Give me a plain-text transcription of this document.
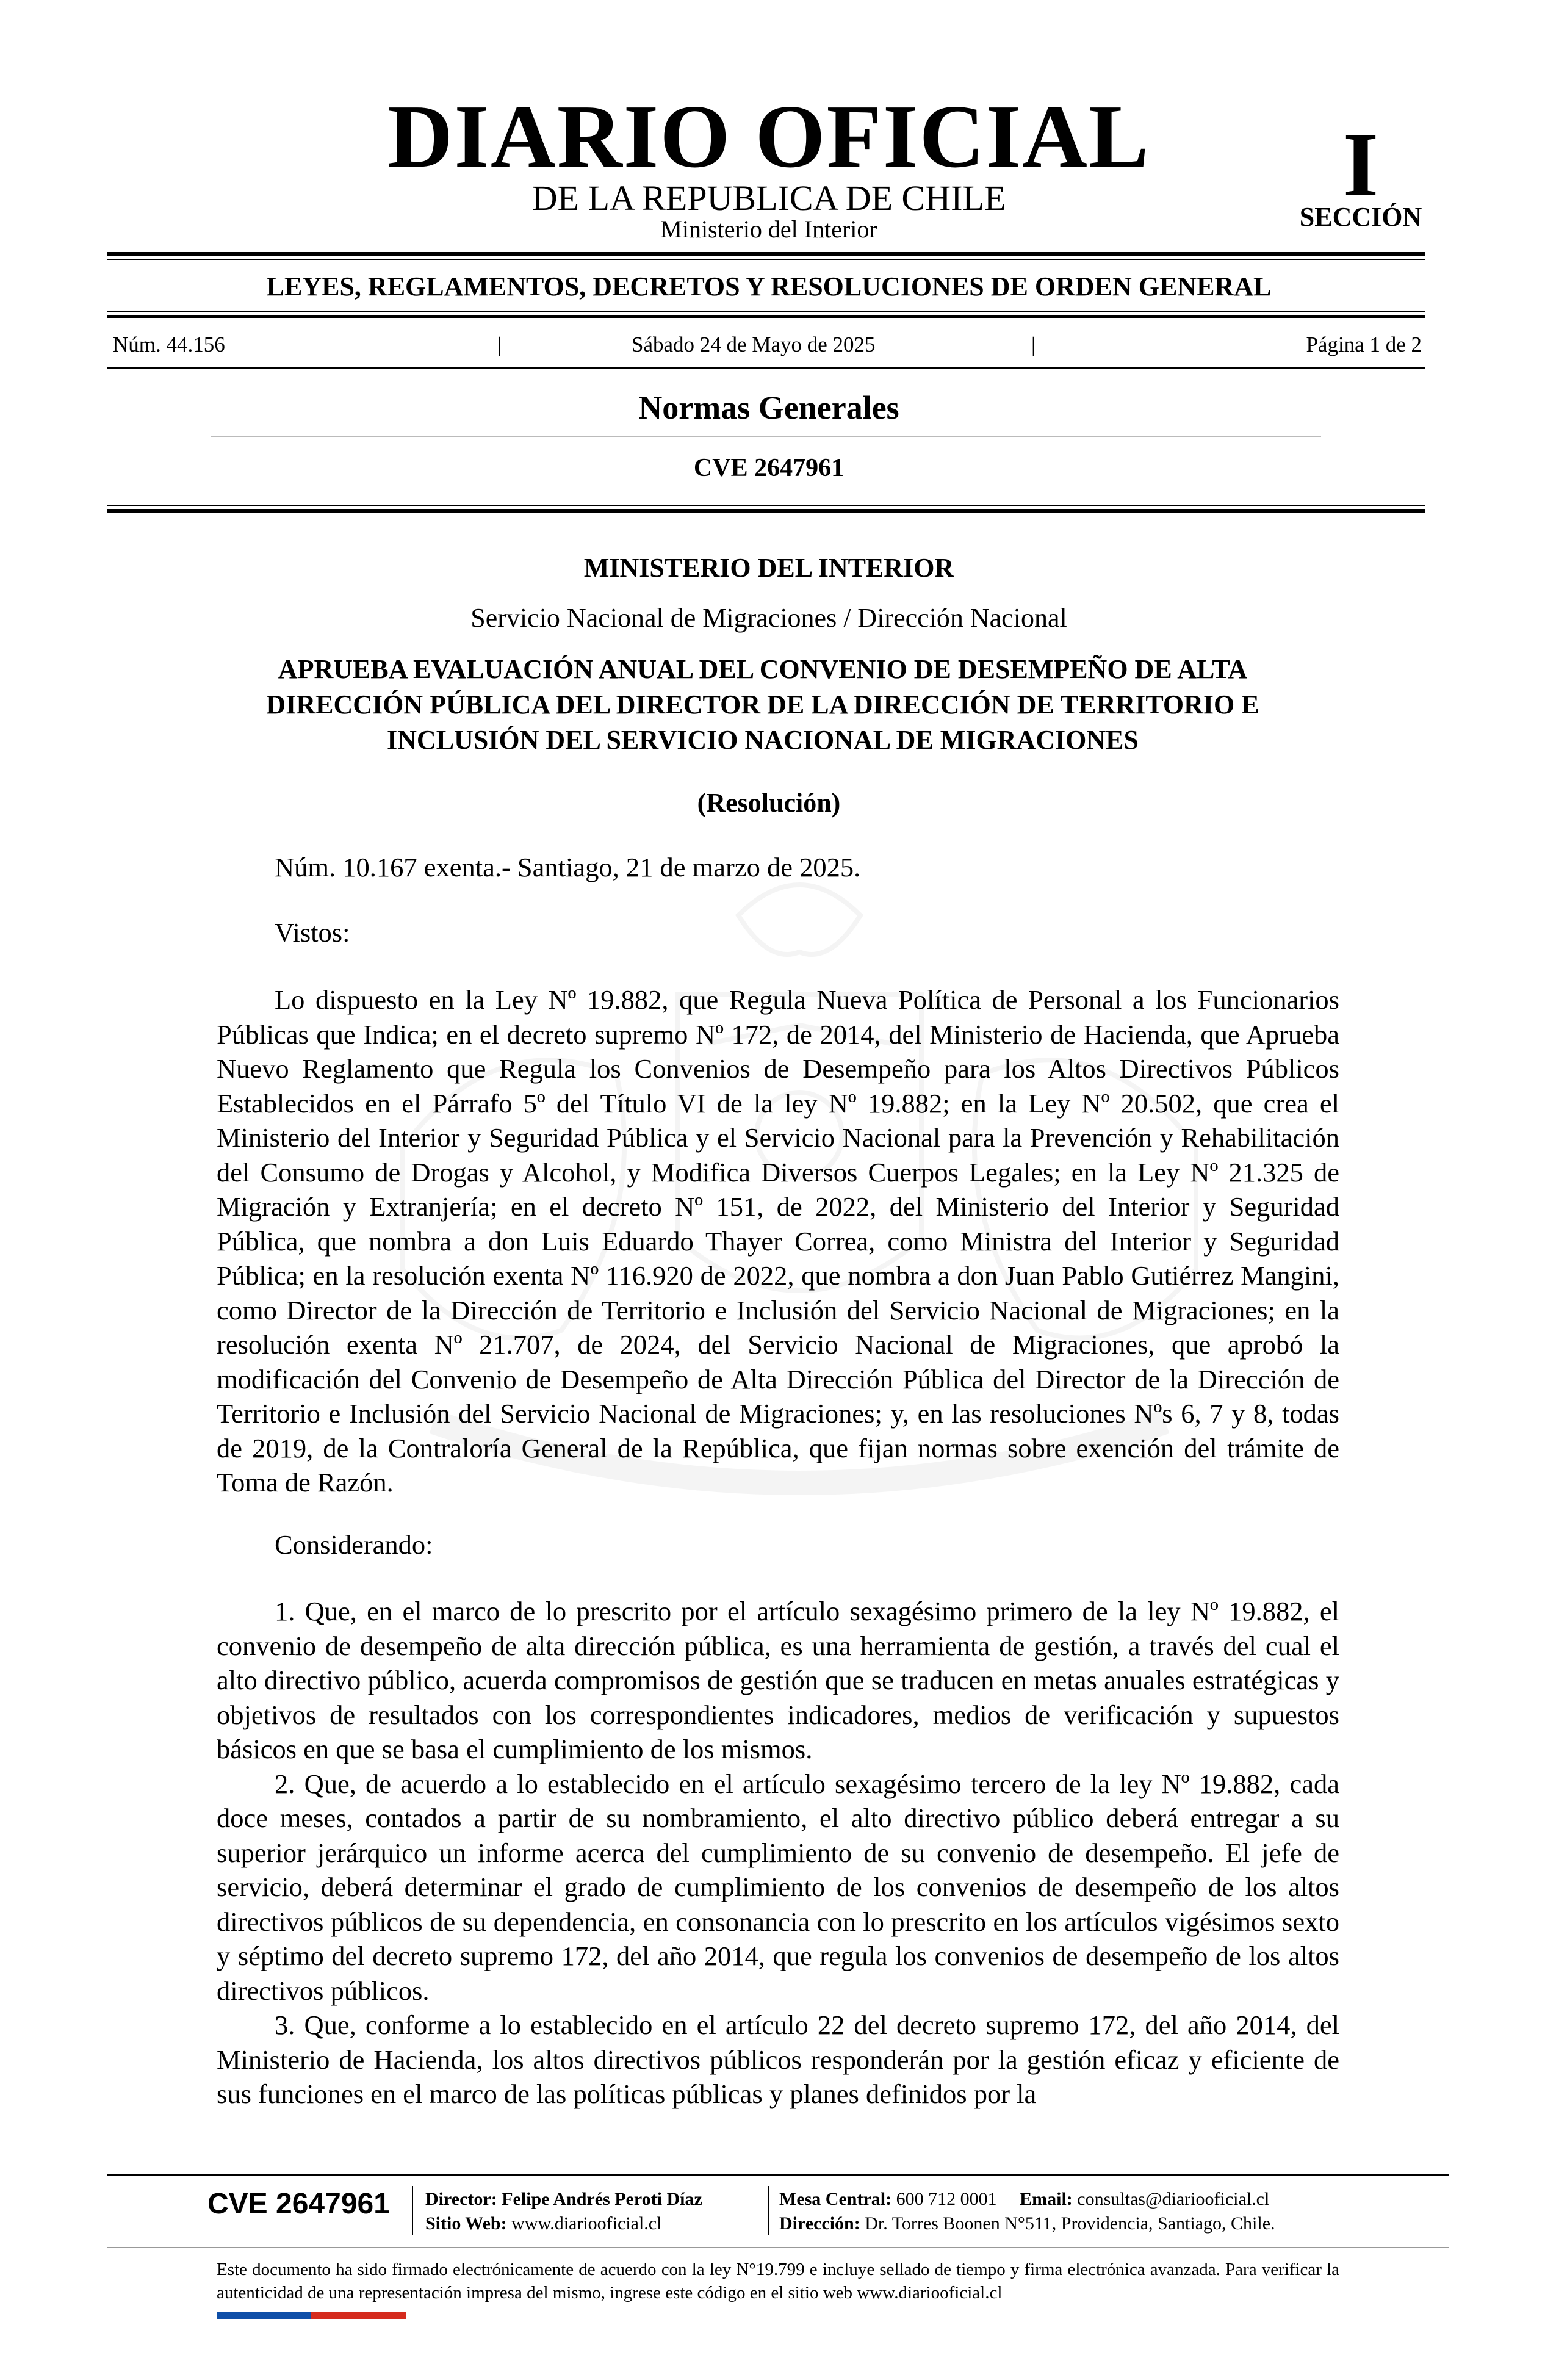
DIARIO OFICIAL
DE LA REPUBLICA DE CHILE
Ministerio del Interior
I
SECCIÓN
LEYES, REGLAMENTOS, DECRETOS Y RESOLUCIONES DE ORDEN GENERAL
Núm. 44.156	|	Sábado 24 de Mayo de 2025	|	Página 1 de 2
Normas Generales
CVE 2647961
MINISTERIO DEL INTERIOR
Servicio Nacional de Migraciones / Dirección Nacional
APRUEBA EVALUACIÓN ANUAL DEL CONVENIO DE DESEMPEÑO DE ALTA DIRECCIÓN PÚBLICA DEL DIRECTOR DE LA DIRECCIÓN DE TERRITORIO E INCLUSIÓN DEL SERVICIO NACIONAL DE MIGRACIONES
(Resolución)
Núm. 10.167 exenta.- Santiago, 21 de marzo de 2025.
Vistos:

Lo dispuesto en la Ley Nº 19.882, que Regula Nueva Política de Personal a los Funcionarios Públicas que Indica; en el decreto supremo Nº 172, de 2014, del Ministerio de Hacienda, que Aprueba Nuevo Reglamento que Regula los Convenios de Desempeño para los Altos Directivos Públicos Establecidos en el Párrafo 5º del Título VI de la ley Nº 19.882; en la Ley Nº 20.502, que crea el Ministerio del Interior y Seguridad Pública y el Servicio Nacional para la Prevención y Rehabilitación del Consumo de Drogas y Alcohol, y Modifica Diversos Cuerpos Legales; en la Ley Nº 21.325 de Migración y Extranjería; en el decreto Nº 151, de 2022, del Ministerio del Interior y Seguridad Pública, que nombra a don Luis Eduardo Thayer Correa, como Ministra del Interior y Seguridad Pública; en la resolución exenta Nº 116.920 de 2022, que nombra a don Juan Pablo Gutiérrez Mangini, como Director de la Dirección de Territorio e Inclusión del Servicio Nacional de Migraciones; en la resolución exenta Nº 21.707, de 2024, del Servicio Nacional de Migraciones, que aprobó la modificación del Convenio de Desempeño de Alta Dirección Pública del Director de la Dirección de Territorio e Inclusión del Servicio Nacional de Migraciones; y, en las resoluciones Nºs 6, 7 y 8, todas de 2019, de la Contraloría General de la República, que fijan normas sobre exención del trámite de Toma de Razón.

Considerando:

1. Que, en el marco de lo prescrito por el artículo sexagésimo primero de la ley Nº 19.882, el convenio de desempeño de alta dirección pública, es una herramienta de gestión, a través del cual el alto directivo público, acuerda compromisos de gestión que se traducen en metas anuales estratégicas y objetivos de resultados con los correspondientes indicadores, medios de verificación y supuestos básicos en que se basa el cumplimiento de los mismos.

2. Que, de acuerdo a lo establecido en el artículo sexagésimo tercero de la ley Nº 19.882, cada doce meses, contados a partir de su nombramiento, el alto directivo público deberá entregar a su superior jerárquico un informe acerca del cumplimiento de su convenio de desempeño. El jefe de servicio, deberá determinar el grado de cumplimiento de los convenios de desempeño de los altos directivos públicos de su dependencia, en consonancia con lo prescrito en los artículos vigésimos sexto y séptimo del decreto supremo 172, del año 2014, que regula los convenios de desempeño de los altos directivos públicos.

3. Que, conforme a lo establecido en el artículo 22 del decreto supremo 172, del año 2014, del Ministerio de Hacienda, los altos directivos públicos responderán por la gestión eficaz y eficiente de sus funciones en el marco de las políticas públicas y planes definidos por la

CVE 2647961 Director: Felipe Andrés Peroti Díaz
Sitio Web: www.diariooficial.cl
Mesa Central: 600 712 0001 Email: consultas@diariooficial.cl
Dirección: Dr. Torres Boonen N°511, Providencia, Santiago, Chile.
Este documento ha sido firmado electrónicamente de acuerdo con la ley N°19.799 e incluye sellado de tiempo y firma electrónica avanzada. Para verificar la autenticidad de una representación impresa del mismo, ingrese este código en el sitio web www.diariooficial.cl
